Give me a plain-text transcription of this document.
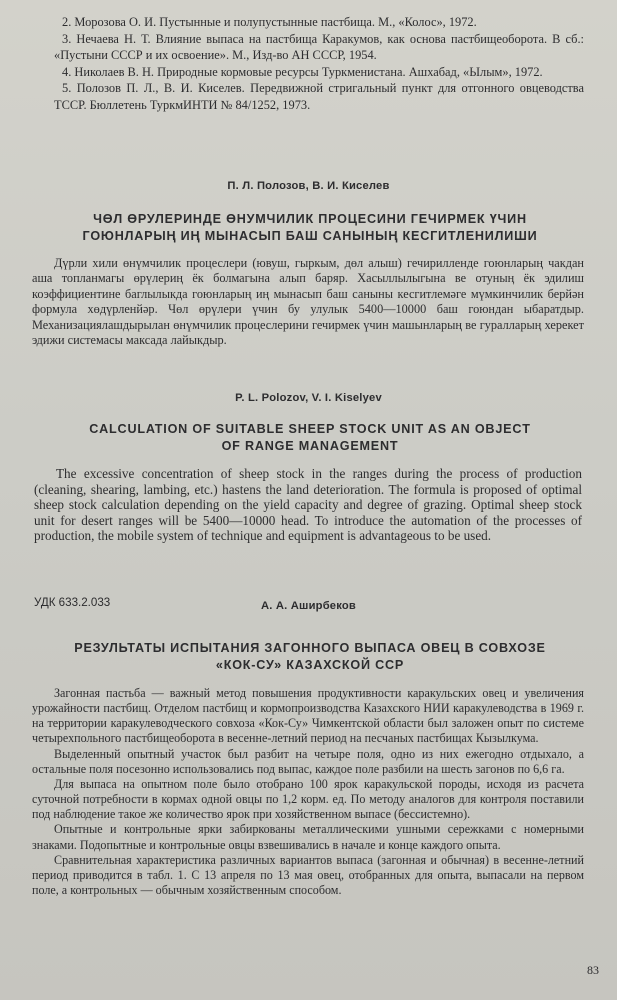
2. Морозова О. И. Пустынные и полупустынные пастбища. М., «Колос», 1972.

3. Нечаева Н. Т. Влияние выпаса на пастбища Каракумов, как основа пастбищеоборота. В сб.: «Пустыни СССР и их освоение». М., Изд-во АН СССР, 1954.

4. Николаев В. Н. Природные кормовые ресурсы Туркменистана. Ашхабад, «Ылым», 1972.

5. Полозов П. Л., В. И. Киселев. Передвижной стригальный пункт для отгонного овцеводства ТССР. Бюллетень ТуркмИНТИ № 84/1252, 1973.

П. Л. Полозов, В. И. Киселев
ЧӨЛ ӨРУЛЕРИНДЕ ӨНУМЧИЛИК ПРОЦЕСИНИ ГЕЧИРМЕК ҮЧИН
ГОЮНЛАРЫҢ ИҢ МЫНАСЫП БАШ САНЫНЫҢ КЕСГИТЛЕНИЛИШИ

Дүрли хили өнүмчилик процеслери (ювуш, гыркым, дөл алыш) гечирилленде гоюнларың чакдан аша топланмагы өрүлериң ёк болмагына алып баряр. Хасыллылыгына ве отуның ёк эдилиш коэффициентине баглылыкда гоюнларың иң мынасып баш саныны кесгитлемәге мүмкинчилик берйән формула хөдүрленйәр. Чөл өрүлери үчин бу улулык 5400—10000 баш гоюндан ыбаратдыр. Механизациялашдырылан өнүмчилик процеслерини гечирмек үчин машынларың ве гуралларың херекет эдижи системасы максада лайыкдыр.

P. L. Polozov, V. I. Kiselyev
CALCULATION OF SUITABLE SHEEP STOCK UNIT AS AN OBJECT
OF RANGE MANAGEMENT

The excessive concentration of sheep stock in the ranges during the process of production (cleaning, shearing, lambing, etc.) hastens the land deterioration. The formula is proposed of optimal sheep stock calculation depending on the yield capacity and degree of grazing. Optimal sheep stock unit for desert ranges will be 5400—10000 head. To introduce the automation of the processes of production, the mobile system of technique and equipment is advantageous to be used.

УДК 633.2.033	А. А. Аширбеков
РЕЗУЛЬТАТЫ ИСПЫТАНИЯ ЗАГОННОГО ВЫПАСА ОВЕЦ В СОВХОЗЕ
«КОК-СУ» КАЗАХСКОЙ ССР

Загонная пастьба — важный метод повышения продуктивности каракульских овец и увеличения урожайности пастбищ. Отделом пастбищ и кормопроизводства Казахского НИИ каракулеводства в 1969 г. на территории каракулеводческого совхоза «Кок-Су» Чимкентской области был заложен опыт по системе четырехпольного пастбищеоборота в весенне-летний период на песчаных пастбищах Кызылкума.

Выделенный опытный участок был разбит на четыре поля, одно из них ежегодно отдыхало, а остальные поля посезонно использовались под выпас, каждое поле разбили на шесть загонов по 6,6 га.

Для выпаса на опытном поле было отобрано 100 ярок каракульской породы, исходя из расчета суточной потребности в кормах одной овцы по 1,2 корм. ед. По методу аналогов для контроля поставили под наблюдение такое же количество ярок при хозяйственном выпасе (бессистемно).

Опытные и контрольные ярки забиркованы металлическими ушными сережками с номерными знаками. Подопытные и контрольные овцы взвешивались в начале и конце каждого опыта.

Сравнительная характеристика различных вариантов выпаса (загонная и обычная) в весенне-летний период приводится в табл. 1. С 13 апреля по 13 мая овец, отобранных для опыта, выпасали на первом поле, а контрольных — обычным хозяйственным способом.

83
